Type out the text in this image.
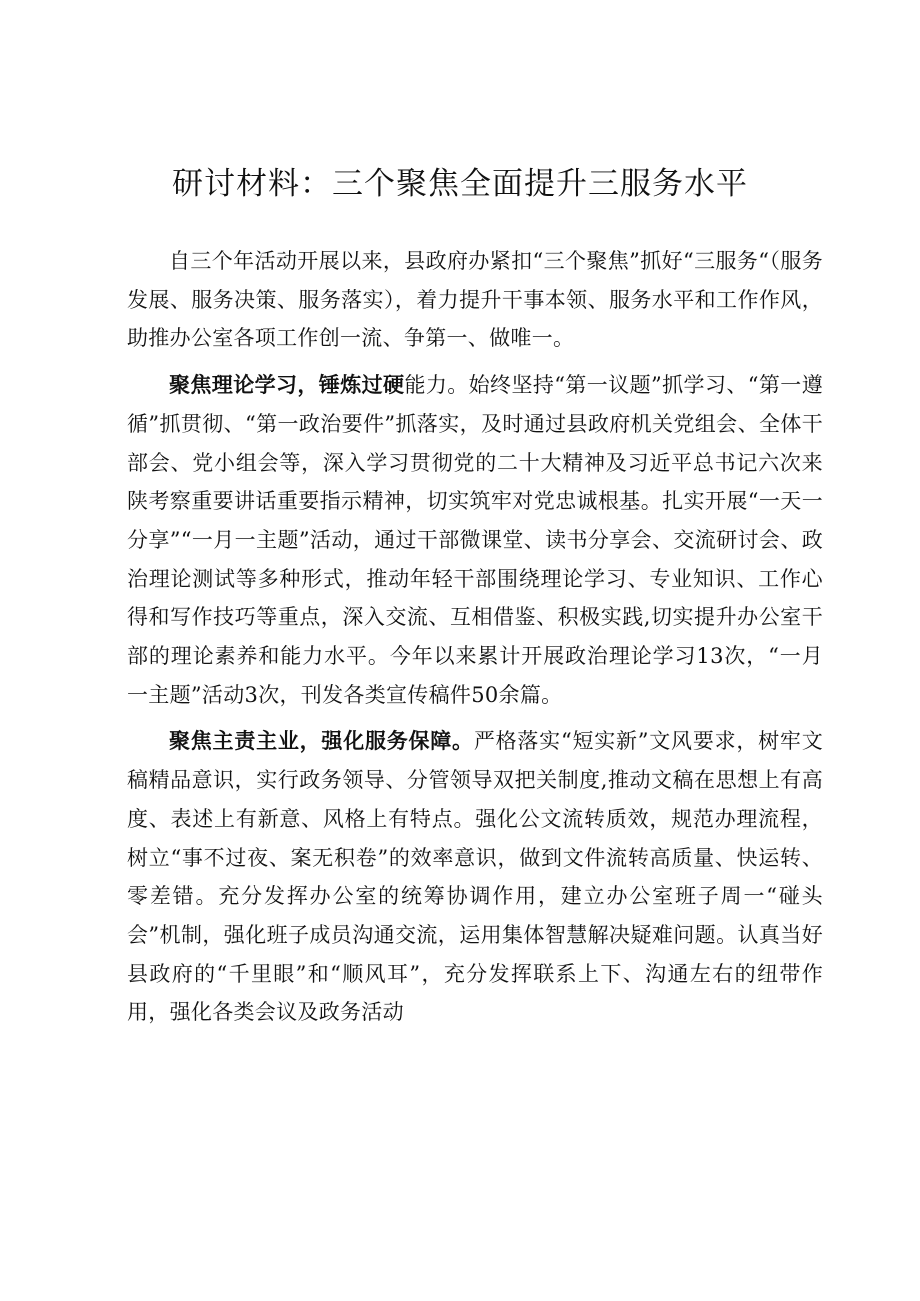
研讨材料：三个聚焦全面提升三服务水平

自三个年活动开展以来，县政府办紧扣“三个聚焦”抓好“三服务“（服务发展、服务决策、服务落实），着力提升干事本领、服务水平和工作作风，助推办公室各项工作创一流、争第一、做唯一。

聚焦理论学习，锤炼过硬能力。始终坚持“第一议题”抓学习、“第一遵循”抓贯彻、“第一政治要件”抓落实，及时通过县政府机关党组会、全体干部会、党小组会等，深入学习贯彻党的二十大精神及习近平总书记六次来陕考察重要讲话重要指示精神，切实筑牢对党忠诚根基。扎实开展“一天一分享”“一月一主题”活动，通过干部微课堂、读书分享会、交流研讨会、政治理论测试等多种形式，推动年轻干部围绕理论学习、专业知识、工作心得和写作技巧等重点，深入交流、互相借鉴、积极实践,切实提升办公室干部的理论素养和能力水平。今年以来累计开展政治理论学习13次，“一月一主题”活动3次，刊发各类宣传稿件50余篇。

聚焦主责主业，强化服务保障。严格落实“短实新”文风要求，树牢文稿精品意识，实行政务领导、分管领导双把关制度,推动文稿在思想上有高度、表述上有新意、风格上有特点。强化公文流转质效，规范办理流程，树立“事不过夜、案无积卷”的效率意识，做到文件流转高质量、快运转、零差错。充分发挥办公室的统筹协调作用，建立办公室班子周一“碰头会”机制，强化班子成员沟通交流，运用集体智慧解决疑难问题。认真当好县政府的“千里眼”和“顺风耳”，充分发挥联系上下、沟通左右的纽带作用，强化各类会议及政务活动
